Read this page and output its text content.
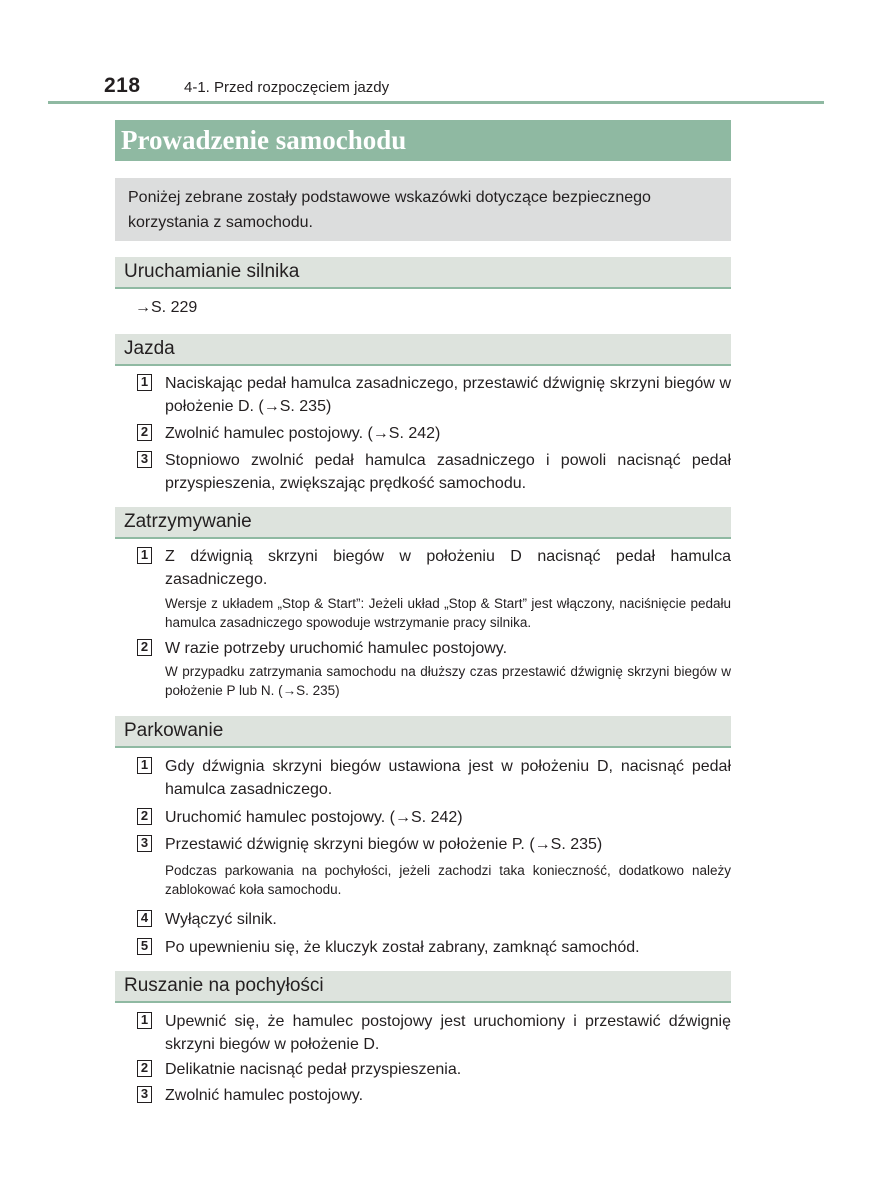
218	4-1. Przed rozpoczęciem jazdy
Prowadzenie samochodu
Poniżej zebrane zostały podstawowe wskazówki dotyczące bezpiecznego korzystania z samochodu.
Uruchamianie silnika
→S. 229
Jazda
1 Naciskając pedał hamulca zasadniczego, przestawić dźwignię skrzyni biegów w położenie D. (→S. 235)
2 Zwolnić hamulec postojowy. (→S. 242)
3 Stopniowo zwolnić pedał hamulca zasadniczego i powoli nacisnąć pedał przyspieszenia, zwiększając prędkość samochodu.
Zatrzymywanie
1 Z dźwignią skrzyni biegów w położeniu D nacisnąć pedał hamulca zasadniczego.
Wersje z układem „Stop & Start”: Jeżeli układ „Stop & Start” jest włączony, naciśnięcie pedału hamulca zasadniczego spowoduje wstrzymanie pracy silnika.
2 W razie potrzeby uruchomić hamulec postojowy.
W przypadku zatrzymania samochodu na dłuższy czas przestawić dźwignię skrzyni biegów w położenie P lub N. (→S. 235)
Parkowanie
1 Gdy dźwignia skrzyni biegów ustawiona jest w położeniu D, nacisnąć pedał hamulca zasadniczego.
2 Uruchomić hamulec postojowy. (→S. 242)
3 Przestawić dźwignię skrzyni biegów w położenie P. (→S. 235)
Podczas parkowania na pochyłości, jeżeli zachodzi taka konieczność, dodatkowo należy zablokować koła samochodu.
4 Wyłączyć silnik.
5 Po upewnieniu się, że kluczyk został zabrany, zamknąć samochód.
Ruszanie na pochyłości
1 Upewnić się, że hamulec postojowy jest uruchomiony i przestawić dźwignię skrzyni biegów w położenie D.
2 Delikatnie nacisnąć pedał przyspieszenia.
3 Zwolnić hamulec postojowy.
